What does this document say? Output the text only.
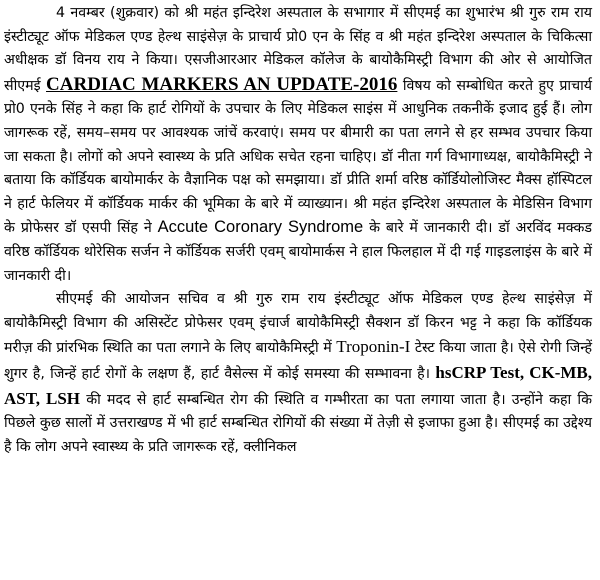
4 नवम्बर (शुक्रवार) को श्री महंत इन्दिरेश अस्पताल के सभागार में सीएमई का शुभारंभ श्री गुरु राम राय इंस्टीट्यूट ऑफ मेडिकल एण्ड हेल्थ साइंसेज़ के प्राचार्य प्रो0 एन के सिंह व श्री महंत इन्दिरेश अस्पताल के चिकित्सा अधीक्षक डॉ विनय राय ने किया। एसजीआरआर मेडिकल कॉलेज के बायोकैमिस्ट्री विभाग की ओर से आयोजित सीएमई CARDIAC MARKERS AN UPDATE-2016 विषय को सम्बोधित करते हुए प्राचार्य प्रो0 एनके सिंह ने कहा कि हार्ट रोगियों के उपचार के लिए मेडिकल साइंस में आधुनिक तकनीकें इजाद हुई हैं। लोग जागरूक रहें, समय–समय पर आवश्यक जांचें करवाएं। समय पर बीमारी का पता लगने से हर सम्भव उपचार किया जा सकता है। लोगों को अपने स्वास्थ्य के प्रति अधिक सचेत रहना चाहिए। डॉ नीता गर्ग विभागाध्यक्ष, बायोकैमिस्ट्री ने बताया कि कॉर्डियक बायोमार्कर के वैज्ञानिक पक्ष को समझाया। डॉ प्रीति शर्मा वरिष्ठ कॉर्डियोलोजिस्ट मैक्स हॉस्पिटल ने हार्ट फेलियर में कॉर्डियक मार्कर की भूमिका के बारे में व्याख्यान। श्री महंत इन्दिरेश अस्पताल के मेडिसिन विभाग के प्रोफेसर डॉ एसपी सिंह ने Accute Coronary Syndrome के बारे में जानकारी दी। डॉ अरविंद मक्कड वरिष्ठ कॉर्डियक थोरेसिक सर्जन ने कॉर्डियक सर्जरी एवम् बायोमार्कस ने हाल फिलहाल में दी गई गाइडलाइंस के बारे में जानकारी दी।

सीएमई की आयोजन सचिव व श्री गुरु राम राय इंस्टीट्यूट ऑफ मेडिकल एण्ड हेल्थ साइंसेज़ में बायोकैमिस्ट्री विभाग की असिस्टेंट प्रोफेसर एवम् इंचार्ज बायोकैमिस्ट्री सैक्शन डॉ किरन भट्ट ने कहा कि कॉर्डियक मरीज़ की प्रांरभिक स्थिति का पता लगाने के लिए बायोकैमिस्ट्री में Troponin-I टेस्ट किया जाता है। ऐसे रोगी जिन्हें शुगर है, जिन्हें हार्ट रोगों के लक्षण हैं, हार्ट वैसेल्स में कोई समस्या की सम्भावना है। hsCRP Test, CK-MB, AST, LSH की मदद से हार्ट सम्बन्धित रोग की स्थिति व गम्भीरता का पता लगाया जाता है। उन्होंने कहा कि पिछले कुछ सालों में उत्तराखण्ड में भी हार्ट सम्बन्धित रोगियों की संख्या में तेज़ी से इजाफा हुआ है। सीएमई का उद्देश्य है कि लोग अपने स्वास्थ्य के प्रति जागरूक रहें, क्लीनिकल
